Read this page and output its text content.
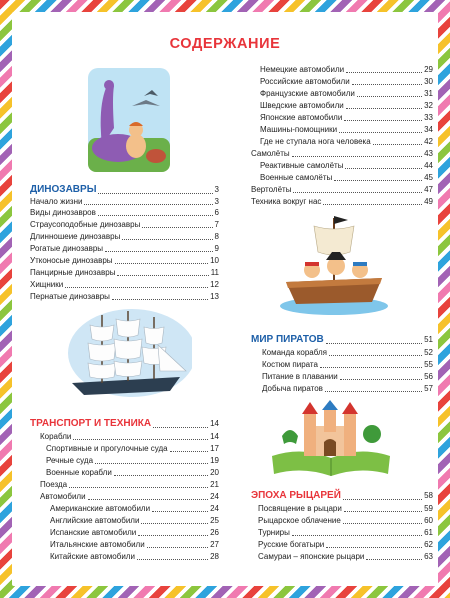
СОДЕРЖАНИЕ
ДИНОЗАВРЫ	3
Начало жизни	3
Виды динозавров	6
Страусоподобные динозавры	7
Длинношеие динозавры	8
Рогатые динозавры	9
Утконосые динозавры	10
Панцирные динозавры	11
Хищники	12
Пернатые динозавры	13
ТРАНСПОРТ И ТЕХНИКА	14
Корабли	14
Спортивные и прогулочные суда	17
Речные суда	19
Военные корабли	20
Поезда	21
Автомобили	24
Американские автомобили	24
Английские автомобили	25
Испанские автомобили	26
Итальянские автомобили	27
Китайские автомобили	28
Немецкие автомобили	29
Российские автомобили	30
Французские автомобили	31
Шведские автомобили	32
Японские автомобили	33
Машины-помощники	34
Где не ступала нога человека	42
Самолёты	43
Реактивные самолёты	44
Военные самолёты	45
Вертолёты	47
Техника вокруг нас	49
МИР ПИРАТОВ	51
Команда корабля	52
Костюм пирата	55
Питание в плавании	56
Добыча пиратов	57
ЭПОХА РЫЦАРЕЙ	58
Посвящение в рыцари	59
Рыцарское облачение	60
Турниры	61
Русские богатыри	62
Самураи – японские рыцари	63
